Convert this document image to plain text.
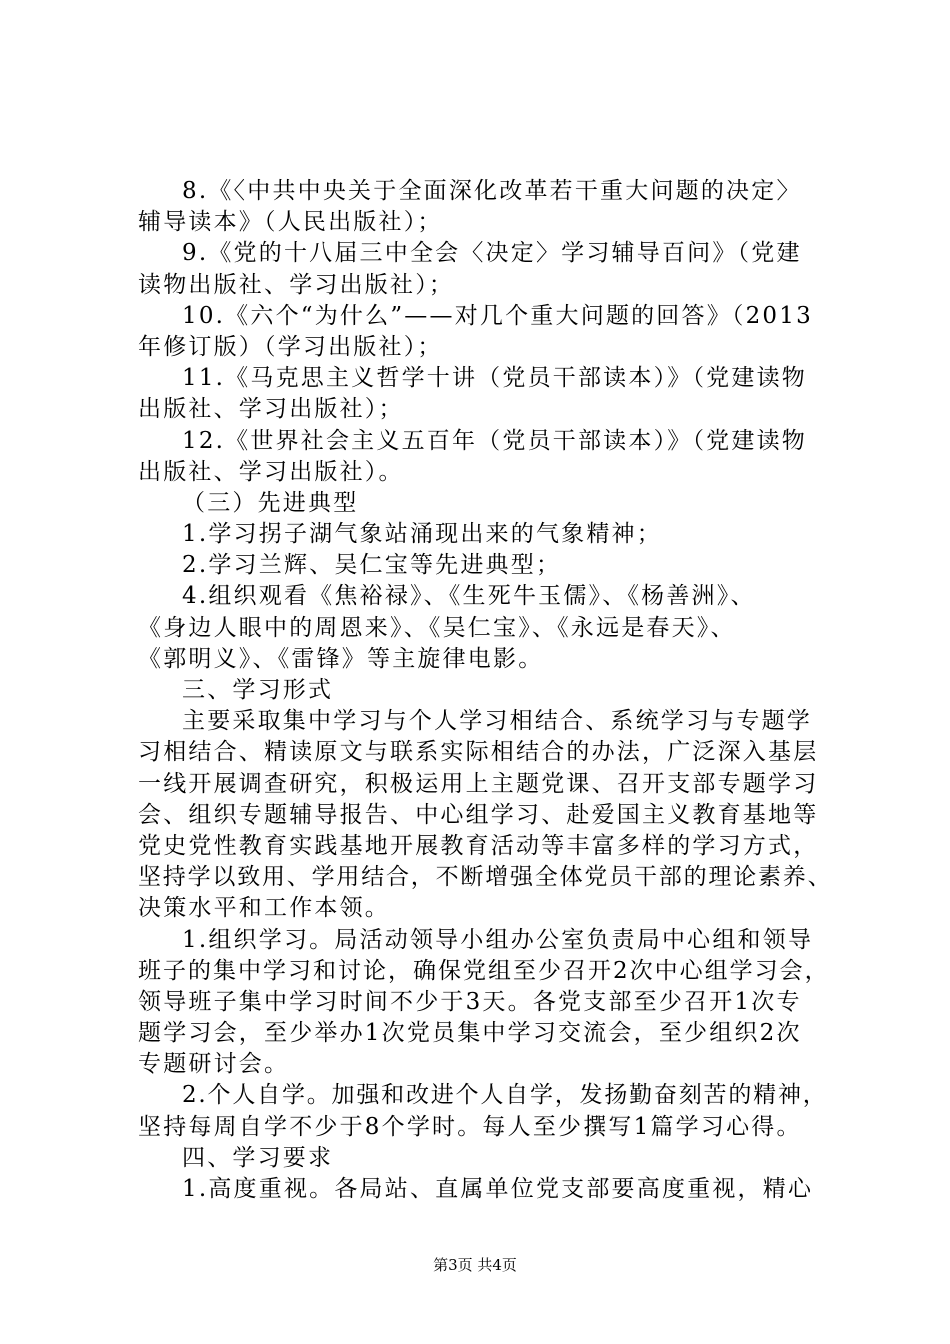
8.《〈中共中央关于全面深化改革若干重大问题的决定〉
辅导读本》（人民出版社）；
9.《党的十八届三中全会〈决定〉学习辅导百问》（党建
读物出版社、学习出版社）；
10.《六个“为什么”——对几个重大问题的回答》（2013
年修订版）（学习出版社）；
11.《马克思主义哲学十讲（党员干部读本）》（党建读物
出版社、学习出版社）；
12.《世界社会主义五百年（党员干部读本）》（党建读物
出版社、学习出版社）。
（三）先进典型
1.学习拐子湖气象站涌现出来的气象精神；
2.学习兰辉、吴仁宝等先进典型；
4.组织观看《焦裕禄》、《生死牛玉儒》、《杨善洲》、
《身边人眼中的周恩来》、《吴仁宝》、《永远是春天》、
《郭明义》、《雷锋》等主旋律电影。
三、学习形式
主要采取集中学习与个人学习相结合、系统学习与专题学
习相结合、精读原文与联系实际相结合的办法，广泛深入基层
一线开展调查研究，积极运用上主题党课、召开支部专题学习
会、组织专题辅导报告、中心组学习、赴爱国主义教育基地等
党史党性教育实践基地开展教育活动等丰富多样的学习方式，
坚持学以致用、学用结合，不断增强全体党员干部的理论素养、
决策水平和工作本领。
1.组织学习。局活动领导小组办公室负责局中心组和领导
班子的集中学习和讨论，确保党组至少召开2次中心组学习会，
领导班子集中学习时间不少于3天。各党支部至少召开1次专
题学习会，至少举办1次党员集中学习交流会，至少组织2次
专题研讨会。
2.个人自学。加强和改进个人自学，发扬勤奋刻苦的精神，
坚持每周自学不少于8个学时。每人至少撰写1篇学习心得。
四、学习要求
1.高度重视。各局站、直属单位党支部要高度重视，精心
第3页 共4页
